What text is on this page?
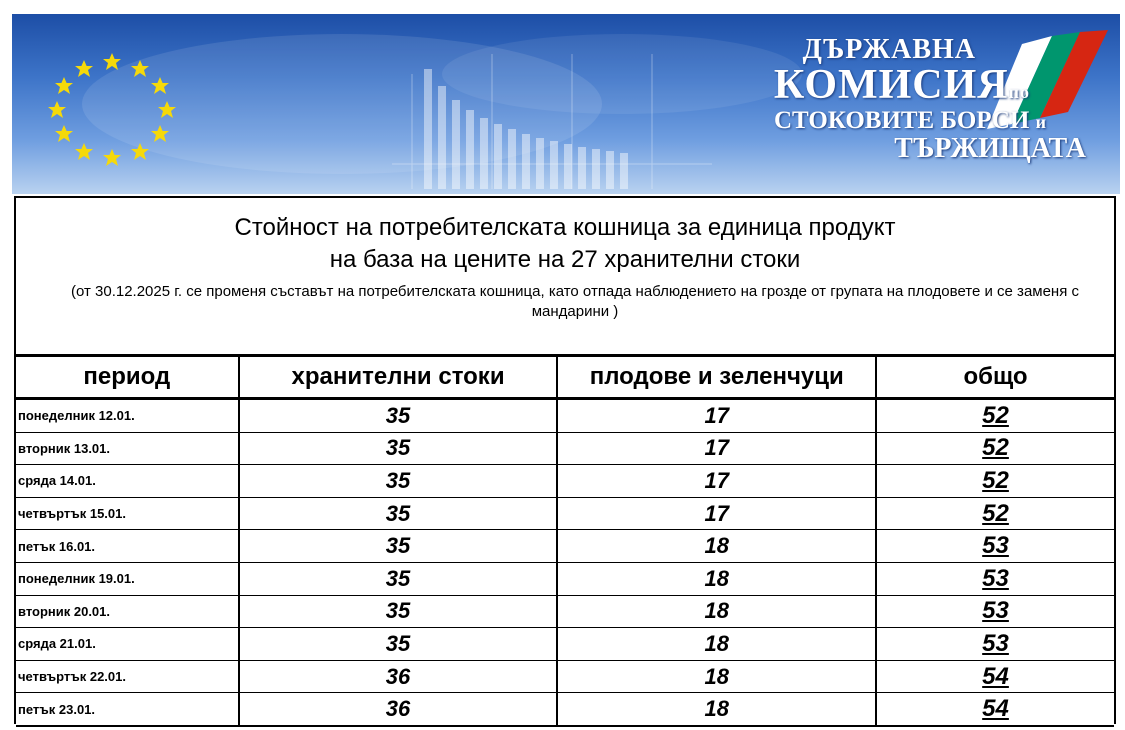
ДЪРЖАВНА
КОМИСИЯпо
СТОКОВИТЕ БОРСИ и
ТЪРЖИЩАТА
Стойност на потребителската кошница за единица продукт
на база на цените на 27 хранителни стоки
(от 30.12.2025 г. се променя съставът на потребителската кошница, като отпада наблюдението на грозде от групата на плодовете и се заменя с мандарини )
период	хранителни стоки	плодове и зеленчуци	общо
понеделник 12.01.	35	17	52
вторник 13.01.	35	17	52
сряда 14.01.	35	17	52
четвъртък 15.01.	35	17	52
петък 16.01.	35	18	53
понеделник 19.01.	35	18	53
вторник 20.01.	35	18	53
сряда 21.01.	35	18	53
четвъртък 22.01.	36	18	54
петък 23.01.	36	18	54
